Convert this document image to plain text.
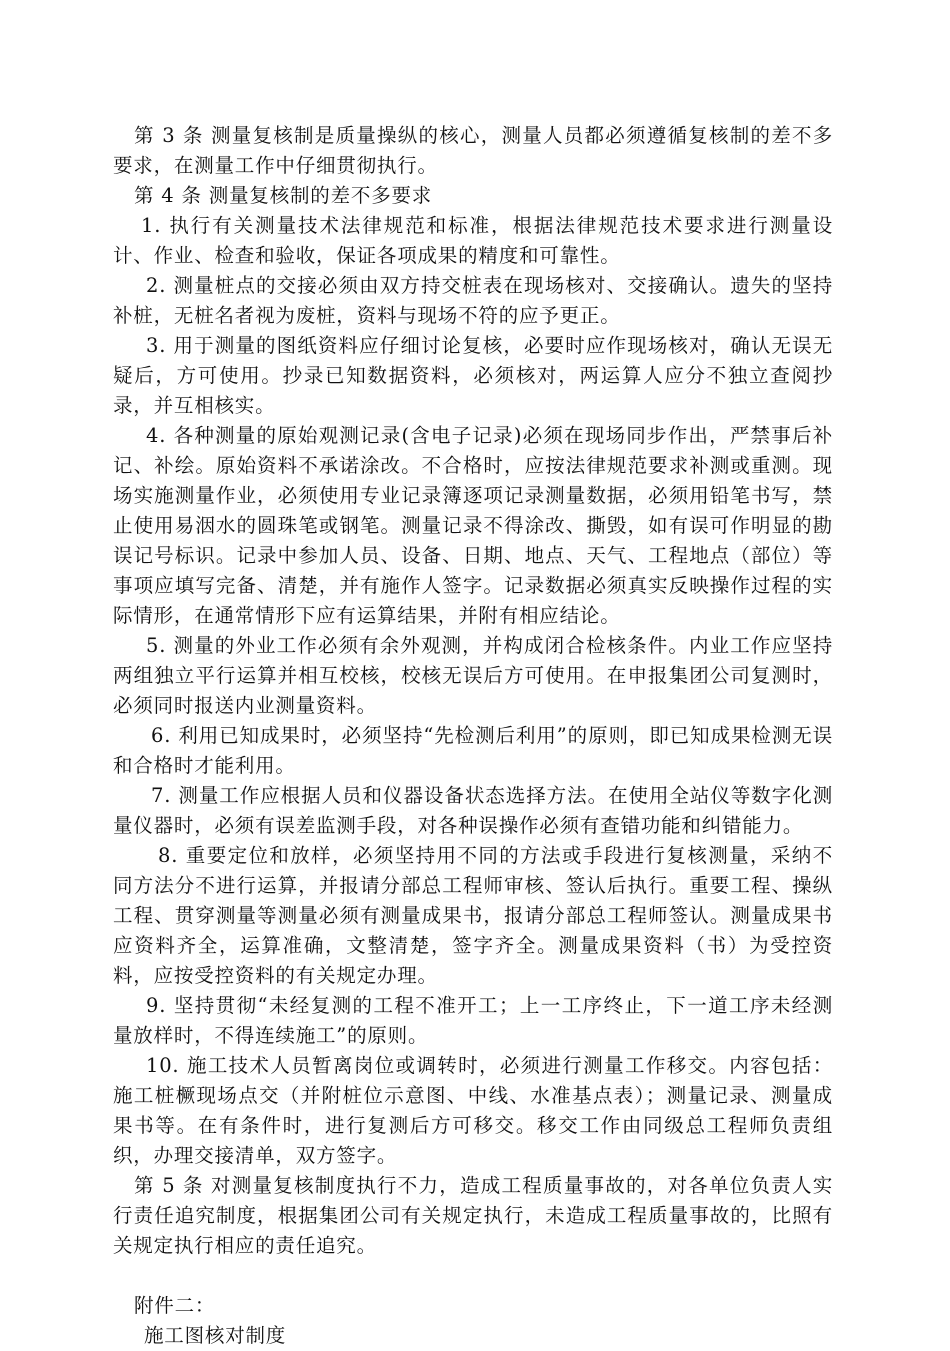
第 3 条 测量复核制是质量操纵的核心，测量人员都必须遵循复核制的差不多要求，在测量工作中仔细贯彻执行。

第 4 条 测量复核制的差不多要求

1. 执行有关测量技术法律规范和标准，根据法律规范技术要求进行测量设计、作业、检查和验收，保证各项成果的精度和可靠性。

2. 测量桩点的交接必须由双方持交桩表在现场核对、交接确认。遗失的坚持补桩，无桩名者视为废桩，资料与现场不符的应予更正。

3. 用于测量的图纸资料应仔细讨论复核，必要时应作现场核对，确认无误无疑后，方可使用。抄录已知数据资料，必须核对，两运算人应分不独立查阅抄录，并互相核实。

4. 各种测量的原始观测记录(含电子记录)必须在现场同步作出，严禁事后补记、补绘。原始资料不承诺涂改。不合格时，应按法律规范要求补测或重测。现场实施测量作业，必须使用专业记录簿逐项记录测量数据，必须用铅笔书写，禁止使用易洇水的圆珠笔或钢笔。测量记录不得涂改、撕毁，如有误可作明显的勘误记号标识。记录中参加人员、设备、日期、地点、天气、工程地点（部位）等事项应填写完备、清楚，并有施作人签字。记录数据必须真实反映操作过程的实际情形，在通常情形下应有运算结果，并附有相应结论。

5. 测量的外业工作必须有余外观测，并构成闭合检核条件。内业工作应坚持两组独立平行运算并相互校核，校核无误后方可使用。在申报集团公司复测时，必须同时报送内业测量资料。

6. 利用已知成果时，必须坚持“先检测后利用”的原则，即已知成果检测无误和合格时才能利用。

7. 测量工作应根据人员和仪器设备状态选择方法。在使用全站仪等数字化测量仪器时，必须有误差监测手段，对各种误操作必须有查错功能和纠错能力。

8. 重要定位和放样，必须坚持用不同的方法或手段进行复核测量，采纳不同方法分不进行运算，并报请分部总工程师审核、签认后执行。重要工程、操纵工程、贯穿测量等测量必须有测量成果书，报请分部总工程师签认。测量成果书应资料齐全，运算准确，文整清楚，签字齐全。测量成果资料（书）为受控资料，应按受控资料的有关规定办理。

9. 坚持贯彻“未经复测的工程不准开工；上一工序终止，下一道工序未经测量放样时，不得连续施工”的原则。

10. 施工技术人员暂离岗位或调转时，必须进行测量工作移交。内容包括：施工桩橛现场点交（并附桩位示意图、中线、水准基点表）；测量记录、测量成果书等。在有条件时，进行复测后方可移交。移交工作由同级总工程师负责组织，办理交接清单，双方签字。

第 5 条 对测量复核制度执行不力，造成工程质量事故的，对各单位负责人实行责任追究制度，根据集团公司有关规定执行，未造成工程质量事故的，比照有关规定执行相应的责任追究。

附件二：

施工图核对制度
